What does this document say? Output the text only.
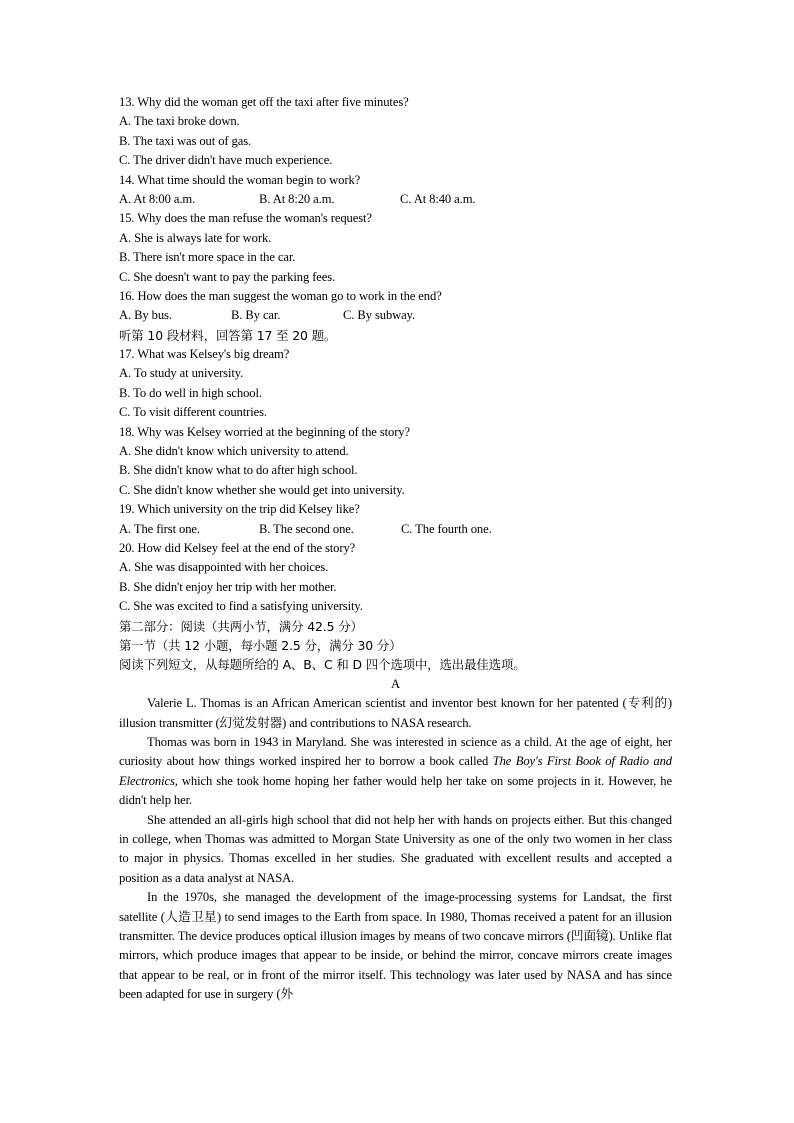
13. Why did the woman get off the taxi after five minutes?
A. The taxi broke down.
B. The taxi was out of gas.
C. The driver didn't have much experience.
14. What time should the woman begin to work?
A. At 8:00 a.m.	B. At 8:20 a.m.	C. At 8:40 a.m.
15. Why does the man refuse the woman's request?
A. She is always late for work.
B. There isn't more space in the car.
C. She doesn't want to pay the parking fees.
16. How does the man suggest the woman go to work in the end?
A. By bus.	B. By car.	C. By subway.
听第 10 段材料，回答第 17 至 20 题。
17. What was Kelsey's big dream?
A. To study at university.
B. To do well in high school.
C. To visit different countries.
18. Why was Kelsey worried at the beginning of the story?
A. She didn't know which university to attend.
B. She didn't know what to do after high school.
C. She didn't know whether she would get into university.
19. Which university on the trip did Kelsey like?
A. The first one.	B. The second one.	C. The fourth one.
20. How did Kelsey feel at the end of the story?
A. She was disappointed with her choices.
B. She didn't enjoy her trip with her mother.
C. She was excited to find a satisfying university.
第二部分：阅读（共两小节，满分 42.5 分）
第一节（共 12 小题，每小题 2.5 分，满分 30 分）
阅读下列短文，从每题所给的 A、B、C 和 D 四个选项中，选出最佳选项。
A

Valerie L. Thomas is an African American scientist and inventor best known for her patented (专利的) illusion transmitter (幻觉发射器) and contributions to NASA research.

Thomas was born in 1943 in Maryland. She was interested in science as a child. At the age of eight, her curiosity about how things worked inspired her to borrow a book called The Boy's First Book of Radio and Electronics, which she took home hoping her father would help her take on some projects in it. However, he didn't help her.

She attended an all-girls high school that did not help her with hands on projects either. But this changed in college, when Thomas was admitted to Morgan State University as one of the only two women in her class to major in physics. Thomas excelled in her studies. She graduated with excellent results and accepted a position as a data analyst at NASA.

In the 1970s, she managed the development of the image-processing systems for Landsat, the first satellite (人造卫星) to send images to the Earth from space. In 1980, Thomas received a patent for an illusion transmitter. The device produces optical illusion images by means of two concave mirrors (凹面镜). Unlike flat mirrors, which produce images that appear to be inside, or behind the mirror, concave mirrors create images that appear to be real, or in front of the mirror itself. This technology was later used by NASA and has since been adapted for use in surgery (外
